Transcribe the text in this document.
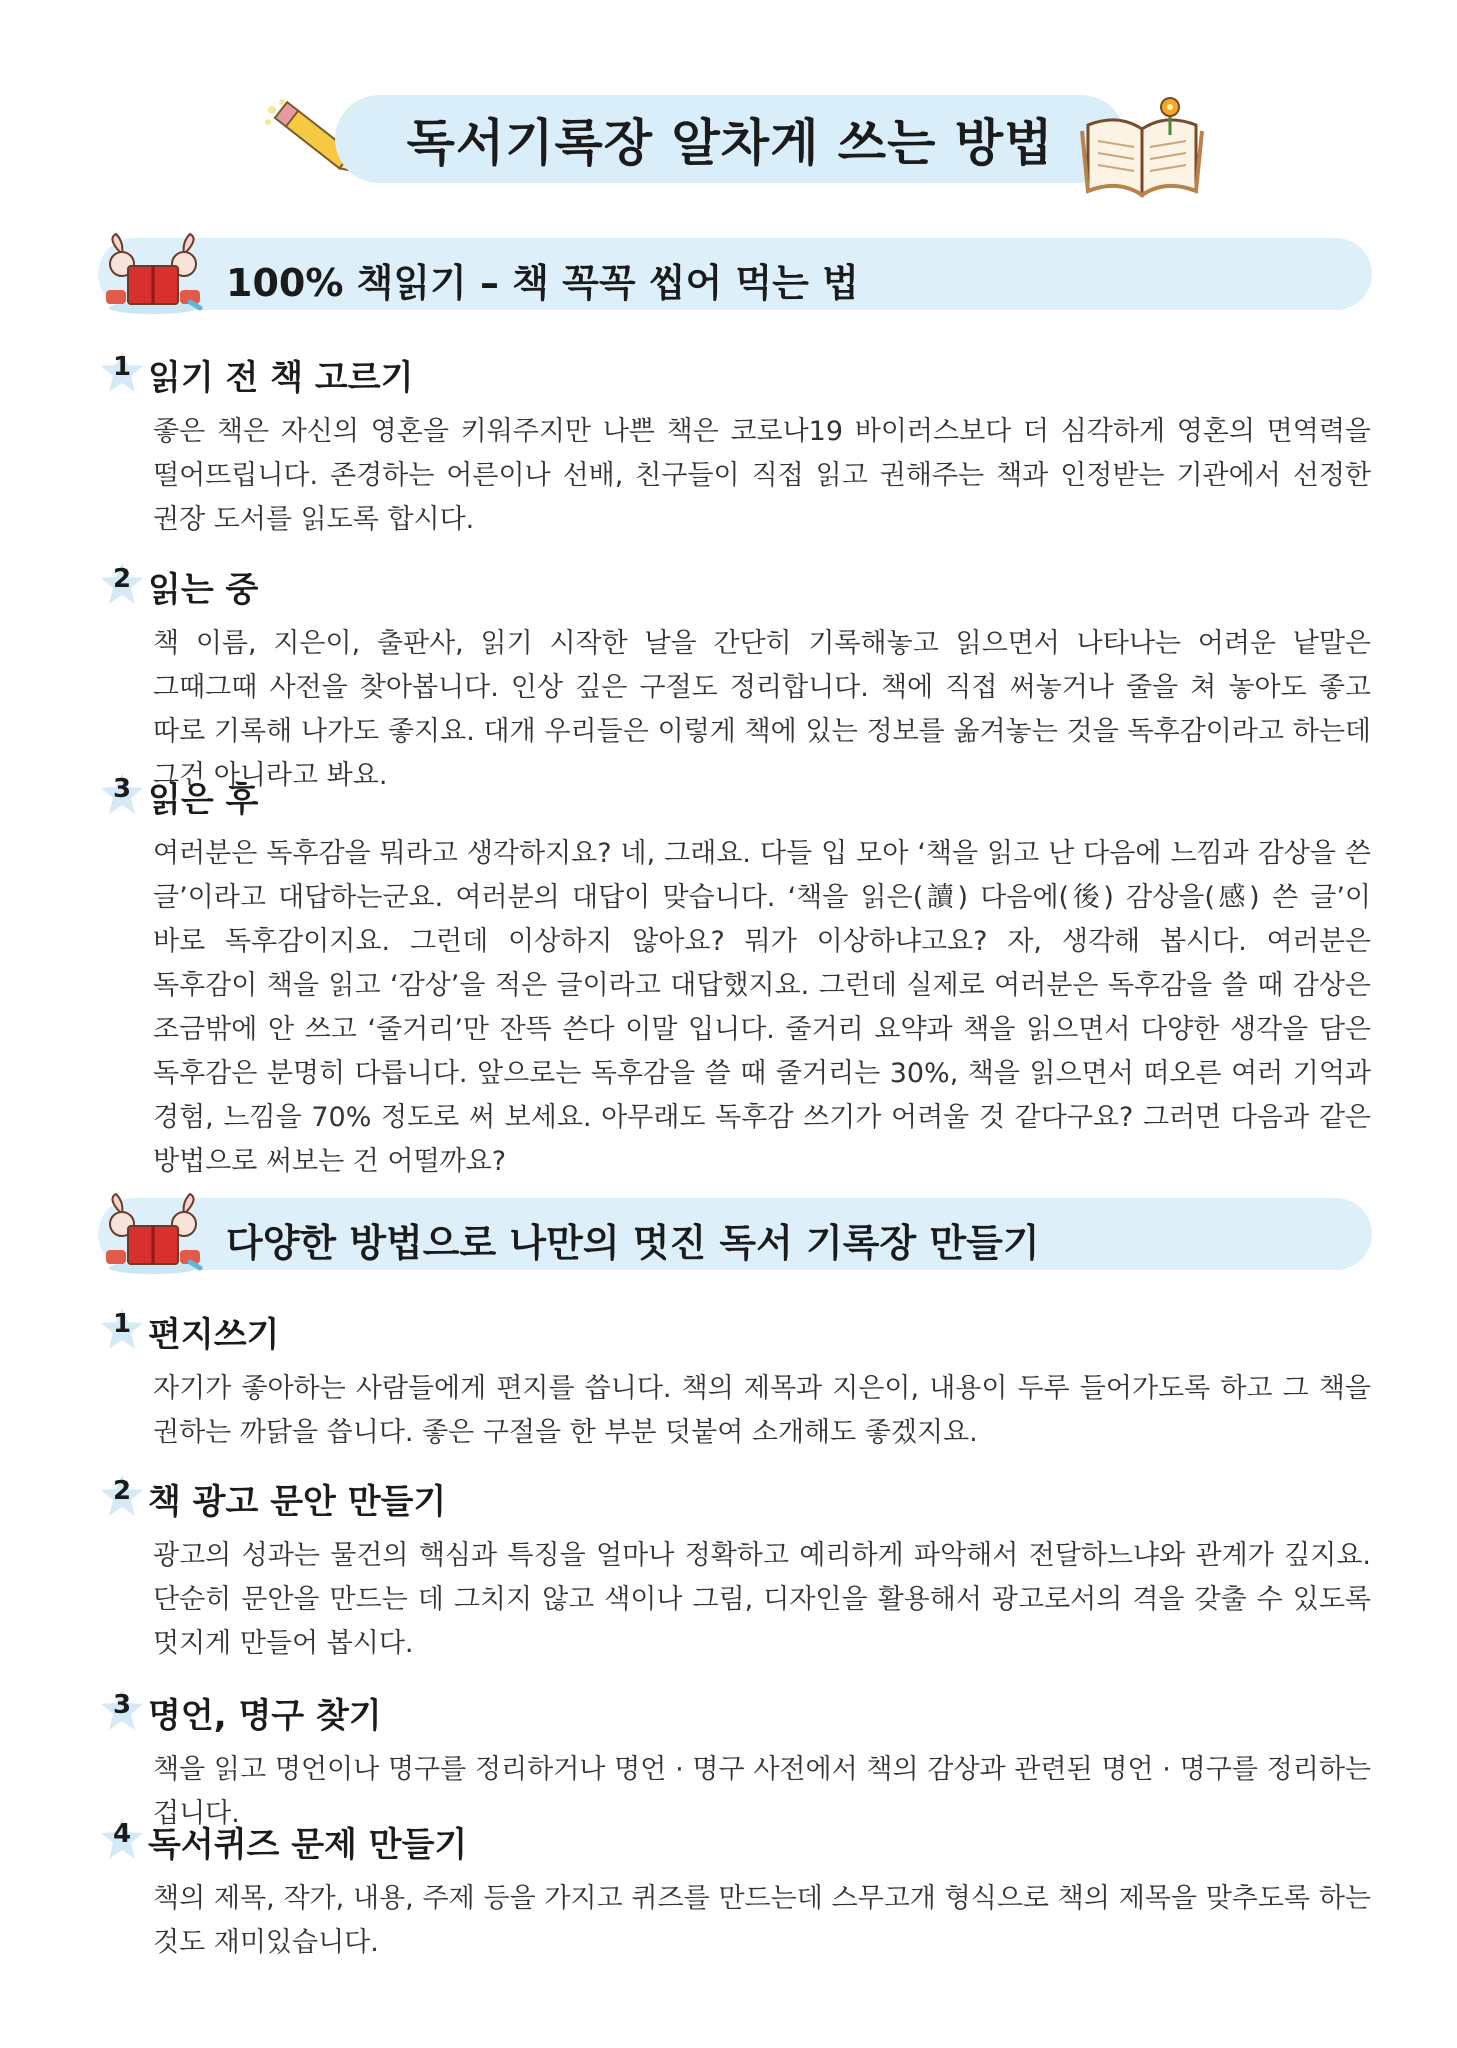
독서기록장 알차게 쓰는 방법
100% 책읽기 – 책 꼭꼭 씹어 먹는 법
1 읽기 전 책 고르기
좋은 책은 자신의 영혼을 키워주지만 나쁜 책은 코로나19 바이러스보다 더 심각하게 영혼의 면역력을 떨어뜨립니다. 존경하는 어른이나 선배, 친구들이 직접 읽고 권해주는 책과 인정받는 기관에서 선정한 권장 도서를 읽도록 합시다.
2 읽는 중
책 이름, 지은이, 출판사, 읽기 시작한 날을 간단히 기록해놓고 읽으면서 나타나는 어려운 낱말은 그때그때 사전을 찾아봅니다. 인상 깊은 구절도 정리합니다. 책에 직접 써놓거나 줄을 쳐 놓아도 좋고 따로 기록해 나가도 좋지요. 대개 우리들은 이렇게 책에 있는 정보를 옮겨놓는 것을 독후감이라고 하는데 그건 아니라고 봐요.
3 읽은 후
여러분은 독후감을 뭐라고 생각하지요? 네, 그래요. 다들 입 모아 ‘책을 읽고 난 다음에 느낌과 감상을 쓴 글’이라고 대답하는군요. 여러분의 대답이 맞습니다. ‘책을 읽은(讀) 다음에(後) 감상을(感) 쓴 글’이 바로 독후감이지요. 그런데 이상하지 않아요? 뭐가 이상하냐고요? 자, 생각해 봅시다. 여러분은 독후감이 책을 읽고 ‘감상’을 적은 글이라고 대답했지요. 그런데 실제로 여러분은 독후감을 쓸 때 감상은 조금밖에 안 쓰고 ‘줄거리’만 잔뜩 쓴다 이말 입니다. 줄거리 요약과 책을 읽으면서 다양한 생각을 담은 독후감은 분명히 다릅니다. 앞으로는 독후감을 쓸 때 줄거리는 30%, 책을 읽으면서 떠오른 여러 기억과 경험, 느낌을 70% 정도로 써 보세요. 아무래도 독후감 쓰기가 어려울 것 같다구요? 그러면 다음과 같은 방법으로 써보는 건 어떨까요?
다양한 방법으로 나만의 멋진 독서 기록장 만들기
1 편지쓰기
자기가 좋아하는 사람들에게 편지를 씁니다. 책의 제목과 지은이, 내용이 두루 들어가도록 하고 그 책을 권하는 까닭을 씁니다. 좋은 구절을 한 부분 덧붙여 소개해도 좋겠지요.
2 책 광고 문안 만들기
광고의 성과는 물건의 핵심과 특징을 얼마나 정확하고 예리하게 파악해서 전달하느냐와 관계가 깊지요. 단순히 문안을 만드는 데 그치지 않고 색이나 그림, 디자인을 활용해서 광고로서의 격을 갖출 수 있도록 멋지게 만들어 봅시다.
3 명언, 명구 찾기
책을 읽고 명언이나 명구를 정리하거나 명언 · 명구 사전에서 책의 감상과 관련된 명언 · 명구를 정리하는 겁니다.
4 독서퀴즈 문제 만들기
책의 제목, 작가, 내용, 주제 등을 가지고 퀴즈를 만드는데 스무고개 형식으로 책의 제목을 맞추도록 하는 것도 재미있습니다.
